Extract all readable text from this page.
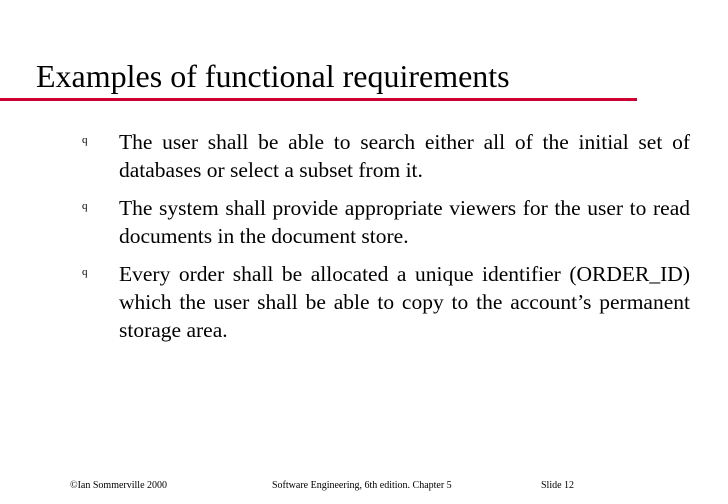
Examples of functional requirements
q The user shall be able to search either all of the initial set of databases or select a subset from it.
q The system shall provide appropriate viewers for the user to read documents in the document store.
q Every order shall be allocated a unique identifier (ORDER_ID) which the user shall be able to copy to the account’s permanent storage area.
©Ian Sommerville 2000	Software Engineering, 6th edition. Chapter 5	Slide 12
